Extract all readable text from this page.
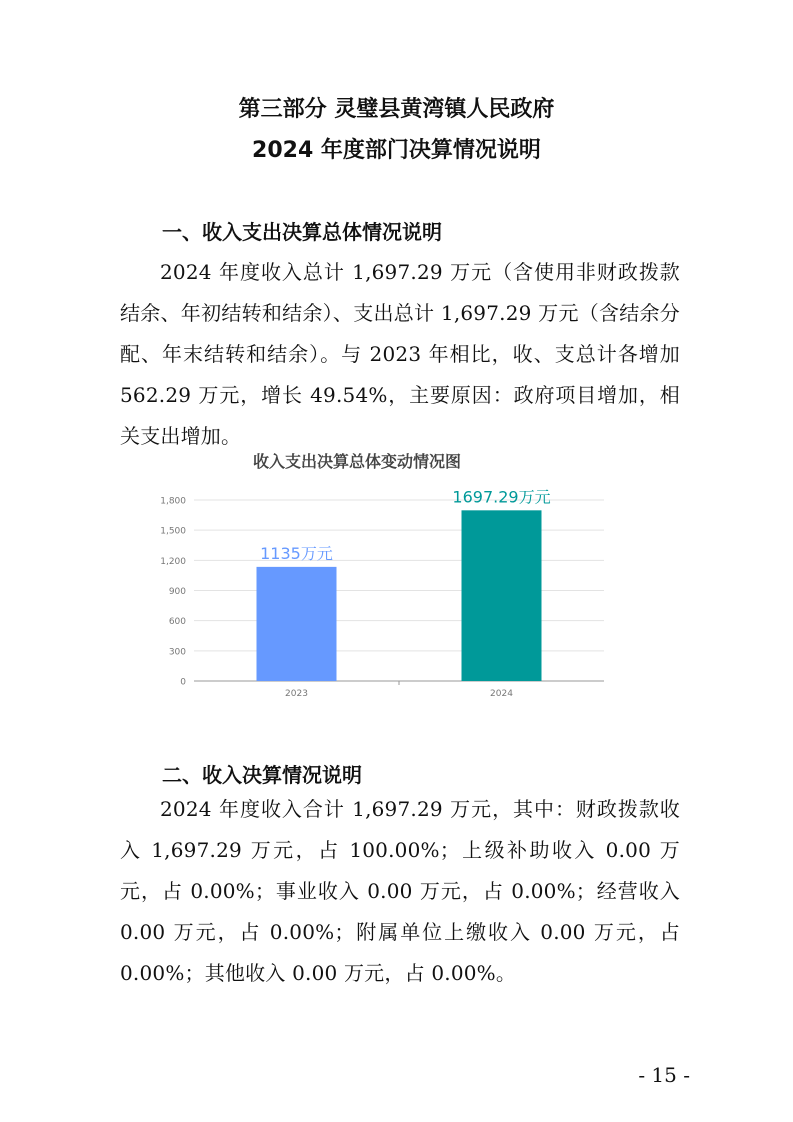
第三部分 灵璧县黄湾镇人民政府
2024 年度部门决算情况说明
一、收入支出决算总体情况说明
2024 年度收入总计 1,697.29 万元（含使用非财政拨款结余、年初结转和结余）、支出总计 1,697.29 万元（含结余分配、年末结转和结余）。与 2023 年相比，收、支总计各增加 562.29 万元，增长 49.54%，主要原因：政府项目增加，相关支出增加。
收入支出决算总体变动情况图
0
300
600
900
1,200
1,500
1,800
1135万元
2023
1697.29万元
2024
二、收入决算情况说明
2024 年度收入合计 1,697.29 万元，其中：财政拨款收入 1,697.29 万元，占 100.00%；上级补助收入 0.00 万元，占 0.00%；事业收入 0.00 万元，占 0.00%；经营收入 0.00 万元，占 0.00%；附属单位上缴收入 0.00 万元，占 0.00%；其他收入 0.00 万元，占 0.00%。
- 15 -
